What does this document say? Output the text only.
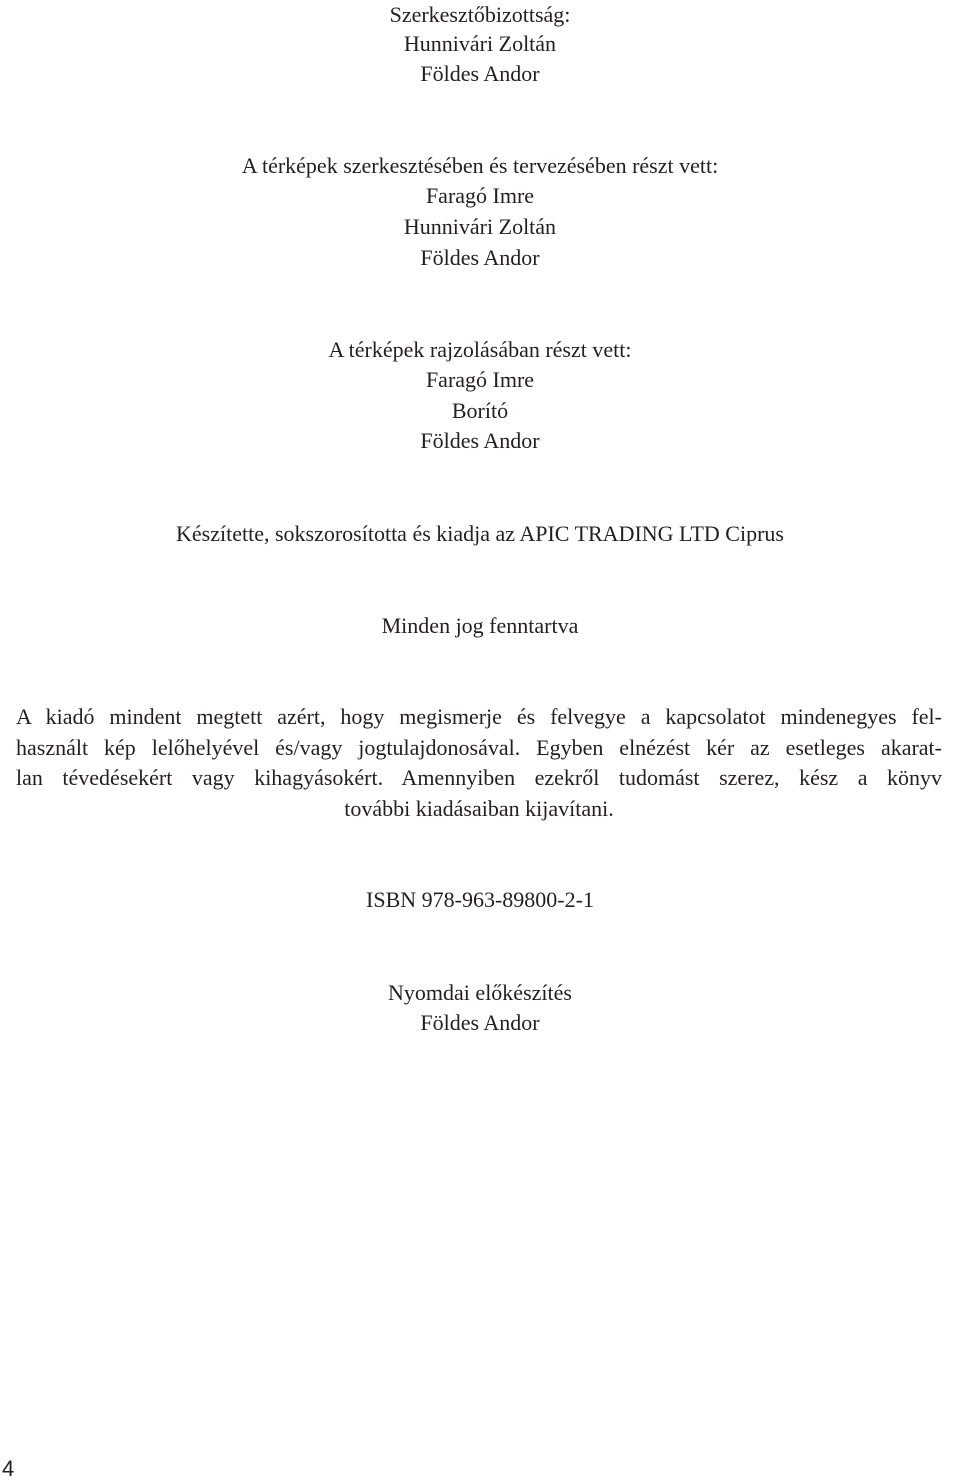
Szerkesztőbizottság:
Hunnivári Zoltán
Földes Andor
A térképek szerkesztésében és tervezésében részt vett:
Faragó Imre
Hunnivári Zoltán
Földes Andor
A térképek rajzolásában részt vett:
Faragó Imre
Borító
Földes Andor
Készítette, sokszorosította és kiadja az APIC TRADING LTD Ciprus
Minden jog fenntartva
A kiadó mindent megtett azért, hogy megismerje és felvegye a kapcsolatot mindenegyes fel-
használt kép lelőhelyével és/vagy jogtulajdonosával. Egyben elnézést kér az esetleges akarat-
lan tévedésekért vagy kihagyásokért. Amennyiben ezekről tudomást szerez, kész a könyv
további kiadásaiban kijavítani.
ISBN 978-963-89800-2-1
Nyomdai előkészítés
Földes Andor
4
